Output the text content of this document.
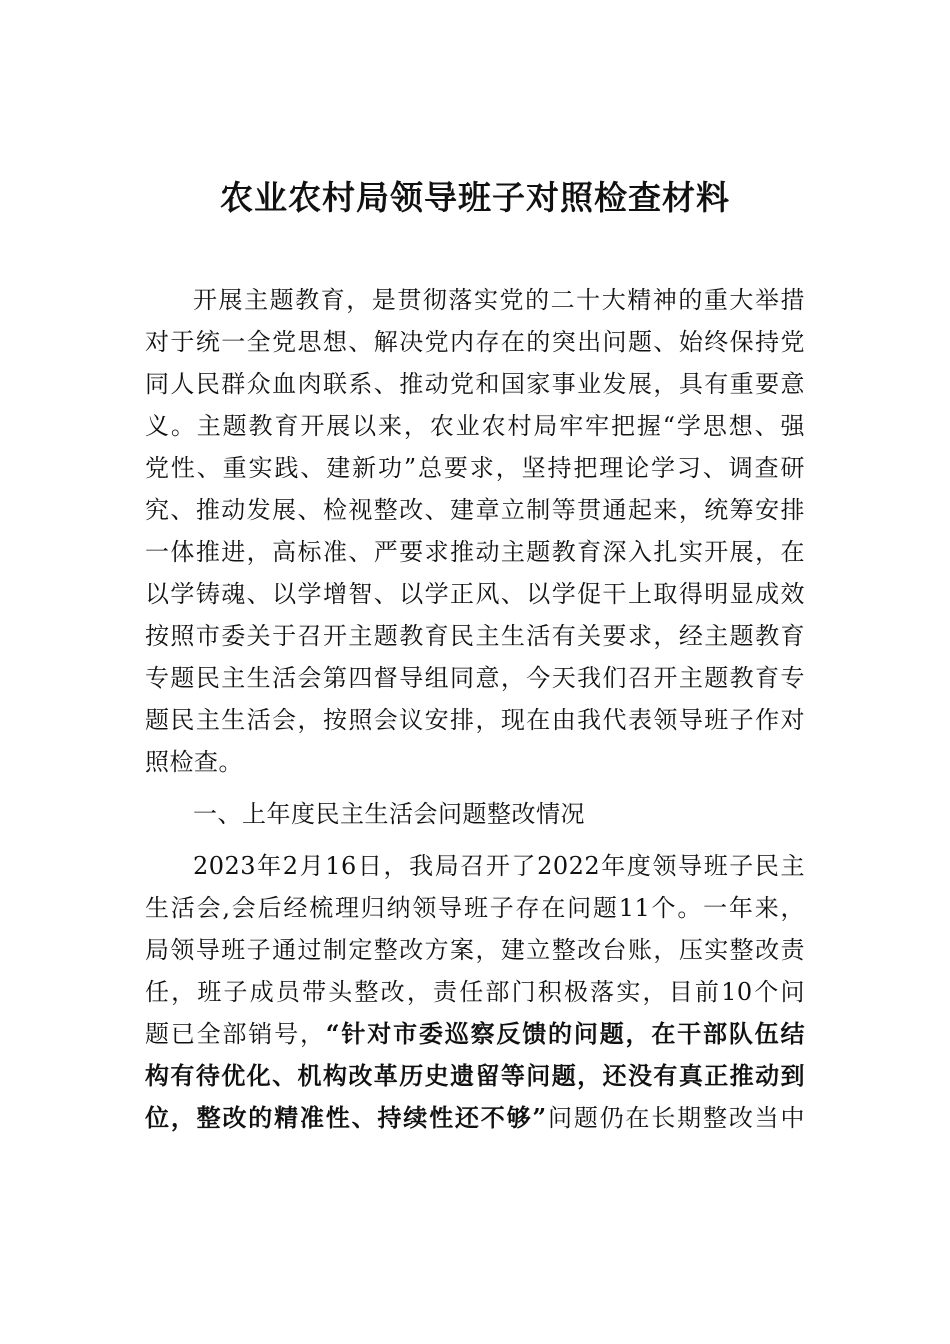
农业农村局领导班子对照检查材料
开展主题教育，是贯彻落实党的二十大精神的重大举措
对于统一全党思想、解决党内存在的突出问题、始终保持党
同人民群众血肉联系、推动党和国家事业发展，具有重要意
义。主题教育开展以来，农业农村局牢牢把握“学思想、强
党性、重实践、建新功”总要求，坚持把理论学习、调查研
究、推动发展、检视整改、建章立制等贯通起来，统筹安排
一体推进，高标准、严要求推动主题教育深入扎实开展，在
以学铸魂、以学增智、以学正风、以学促干上取得明显成效
按照市委关于召开主题教育民主生活有关要求，经主题教育
专题民主生活会第四督导组同意，今天我们召开主题教育专
题民主生活会，按照会议安排，现在由我代表领导班子作对
照检查。
一、上年度民主生活会问题整改情况
2023年2月16日，我局召开了2022年度领导班子民主
生活会,会后经梳理归纳领导班子存在问题11个。一年来，
局领导班子通过制定整改方案，建立整改台账，压实整改责
任，班子成员带头整改，责任部门积极落实，目前10个问
题已全部销号，“针对市委巡察反馈的问题，在干部队伍结
构有待优化、机构改革历史遗留等问题，还没有真正推动到
位，整改的精准性、持续性还不够”问题仍在长期整改当中
